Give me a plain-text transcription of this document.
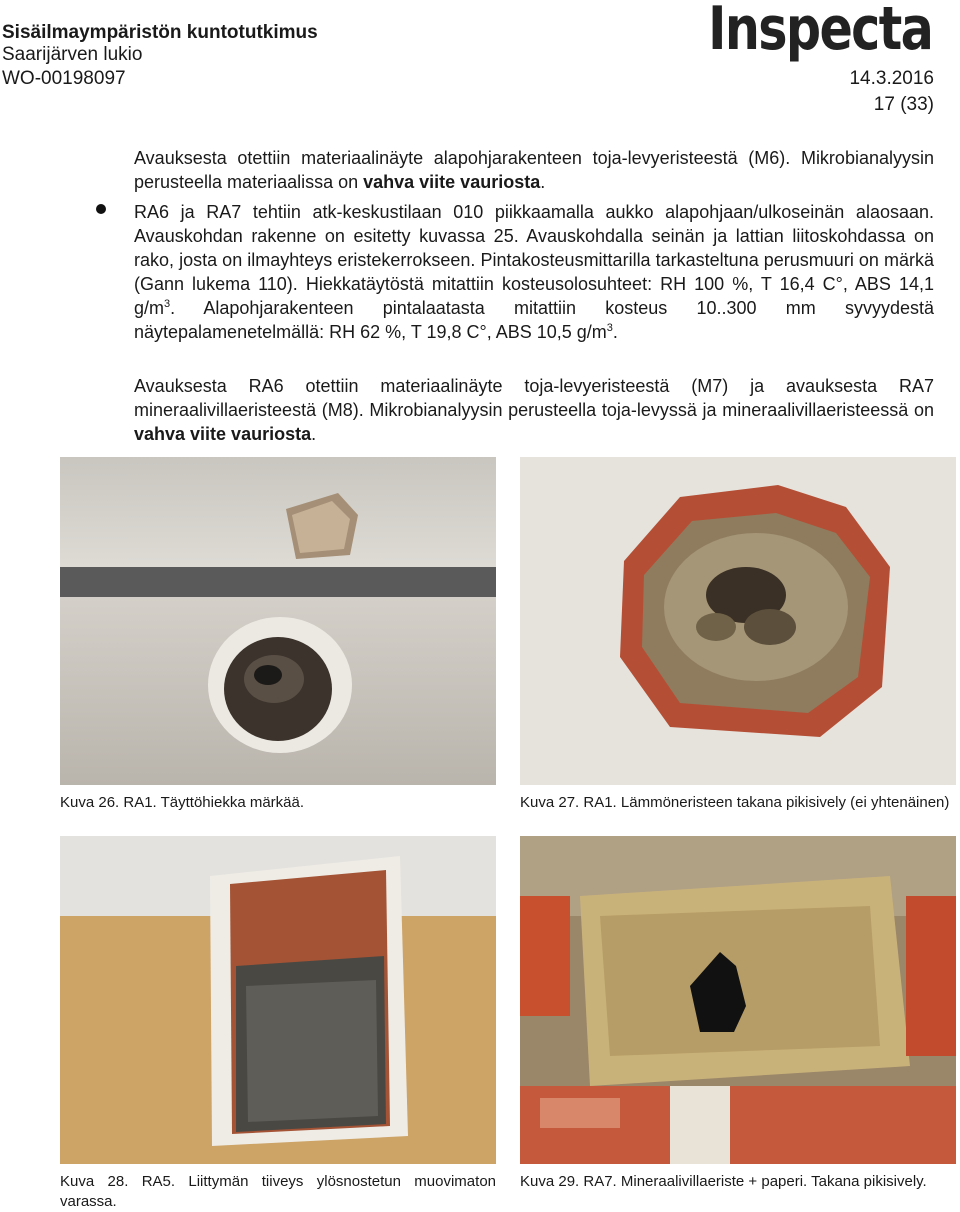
Sisäilmaympäristön kuntotutkimus
Saarijärven lukio
WO-00198097
Inspecta
14.3.2016
17 (33)
Avauksesta otettiin materiaalinäyte alapohjarakenteen toja-levyeristeestä (M6). Mikrobianalyysin perusteella materiaalissa on vahva viite vauriosta.
RA6 ja RA7 tehtiin atk-keskustilaan 010 piikkaamalla aukko alapohjaan/ulkoseinän alaosaan. Avauskohdan rakenne on esitetty kuvassa 25. Avauskohdalla seinän ja lattian liitoskohdassa on rako, josta on ilmayhteys eristekerrokseen. Pintakosteusmittarilla tarkasteltuna perusmuuri on märkä (Gann lukema 110). Hiekkatäytöstä mitattiin kosteusolosuhteet: RH 100 %, T 16,4 C°, ABS 14,1 $g/m^3$. Alapohjarakenteen pintalaatasta mitattiin kosteus 10..300 mm syvyydestä näytepalamenetelmällä: RH 62 %, T 19,8 C°, ABS 10,5 $g/m^3$.
Avauksesta RA6 otettiin materiaalinäyte toja-levyeristeestä (M7) ja avauksesta RA7 mineraalivillaeristeestä (M8). Mikrobianalyysin perusteella toja-levyssä ja mineraalivillaeristeessä on vahva viite vauriosta.
Kuva 26. RA1. Täyttöhiekka märkää.	Kuva 27. RA1. Lämmöneristeen takana pikisively (ei yhtenäinen)
Kuva 28. RA5. Liittymän tiiveys ylösnostetun muovimaton varassa.
Kuva 29. RA7. Mineraalivillaeriste + paperi. Takana pikisively.
